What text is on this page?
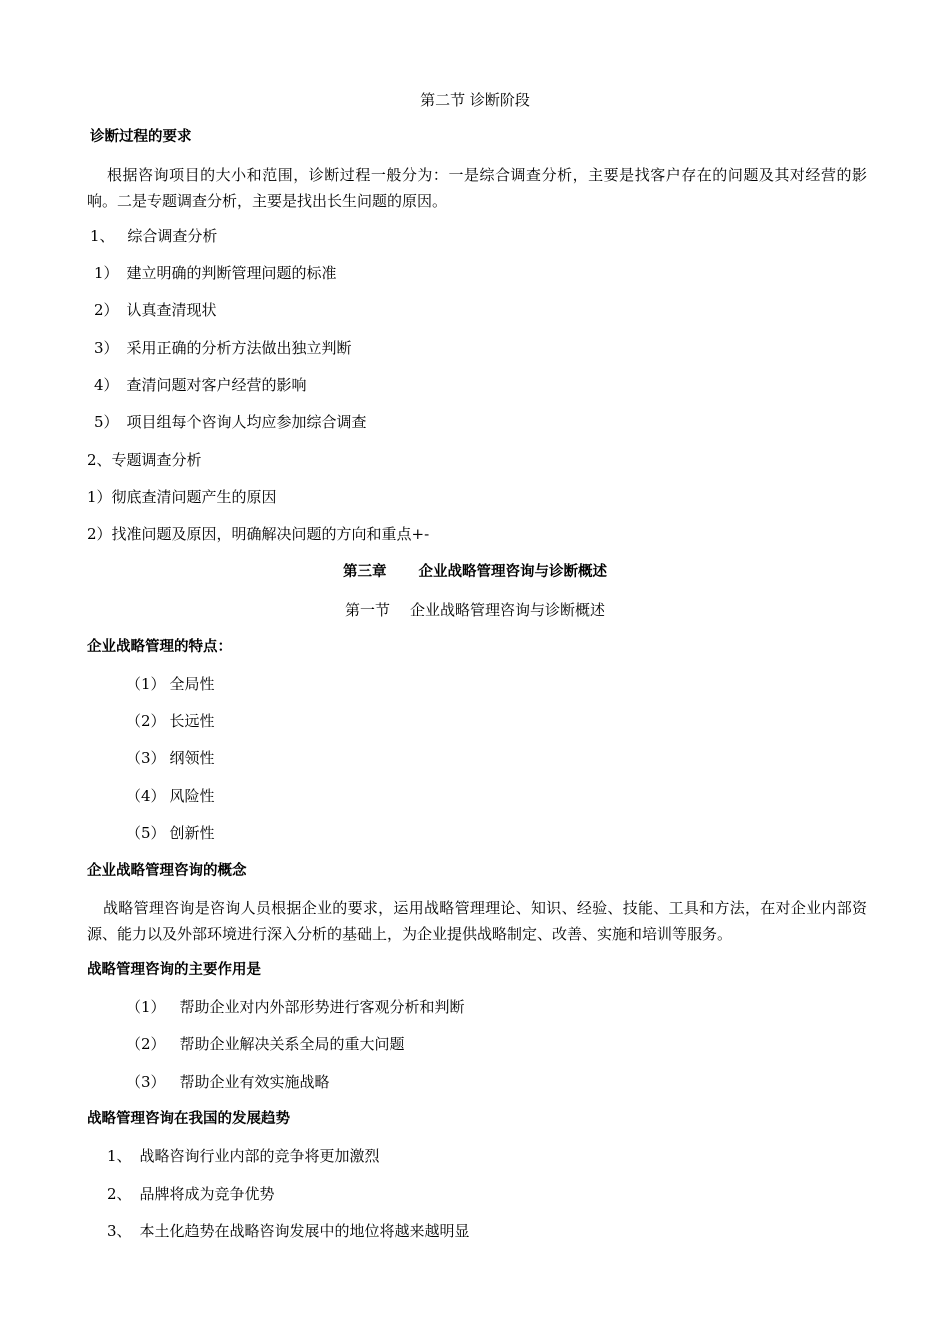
第二节 诊断阶段
诊断过程的要求
根据咨询项目的大小和范围，诊断过程一般分为：一是综合调查分析，主要是找客户存在的问题及其对经营的影响。二是专题调查分析，主要是找出长生问题的原因。
1、 综合调查分析
1） 建立明确的判断管理问题的标准
2） 认真查清现状
3） 采用正确的分析方法做出独立判断
4） 查清问题对客户经营的影响
5） 项目组每个咨询人均应参加综合调查
2、专题调查分析
1）彻底查清问题产生的原因
2）找准问题及原因，明确解决问题的方向和重点+-
第三章 企业战略管理咨询与诊断概述
第一节 企业战略管理咨询与诊断概述
企业战略管理的特点：
（1） 全局性
（2） 长远性
（3） 纲领性
（4） 风险性
（5） 创新性
企业战略管理咨询的概念
战略管理咨询是咨询人员根据企业的要求，运用战略管理理论、知识、经验、技能、工具和方法，在对企业内部资源、能力以及外部环境进行深入分析的基础上，为企业提供战略制定、改善、实施和培训等服务。
战略管理咨询的主要作用是
（1） 帮助企业对内外部形势进行客观分析和判断
（2） 帮助企业解决关系全局的重大问题
（3） 帮助企业有效实施战略
战略管理咨询在我国的发展趋势
1、 战略咨询行业内部的竞争将更加激烈
2、 品牌将成为竞争优势
3、 本土化趋势在战略咨询发展中的地位将越来越明显
